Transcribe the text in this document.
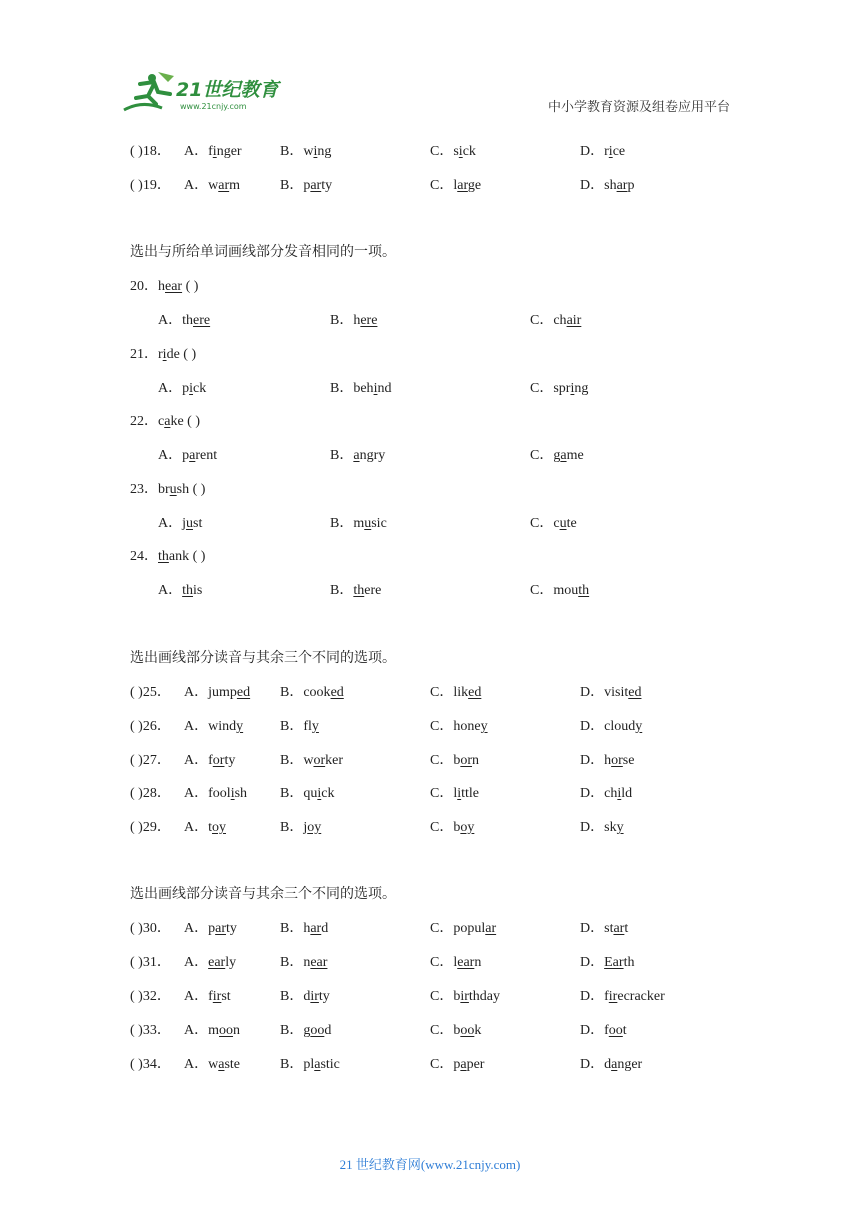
21世纪教育
www.21cnjy.com	中小学教育资源及组卷应用平台
( )18． A．finger	B．wing	C．sick	D．rice
( )19． A．warm	B．party	C．large	D．sharp
( )25． A．jumped B．cooked	C．liked	D．visited
( )26． A．windy	B．fly	C．honey	D．cloudy
( )27． A．forty	B．worker	C．born	D．horse
( )28． A．foolish B．quick	C．little	D．child
( )29． A．toy	B．joy	C．boy	D．sky
( )30． A．party	B．hard	C．popular	D．start
( )31． A．early	B．near	C．learn	D．Earth
( )32． A．first	B．dirty	C．birthday	D．firecracker
( )33． A．moon	B．good	C．book	D．foot
( )34． A．waste	B．plastic	C．paper	D．danger
20．hear ( )
A．there	B．here	C．chair
21．ride ( )
A．pick	B．behind	C．spring
22．cake ( )
A．parent	B．angry	C．game
23．brush ( )
A．just	B．music	C．cute
24．thank ( )
A．this	B．there	C．mouth
选出与所给单词画线部分发音相同的一项。
选出画线部分读音与其余三个不同的选项。
选出画线部分读音与其余三个不同的选项。
21 世纪教育网(www.21cnjy.com)
